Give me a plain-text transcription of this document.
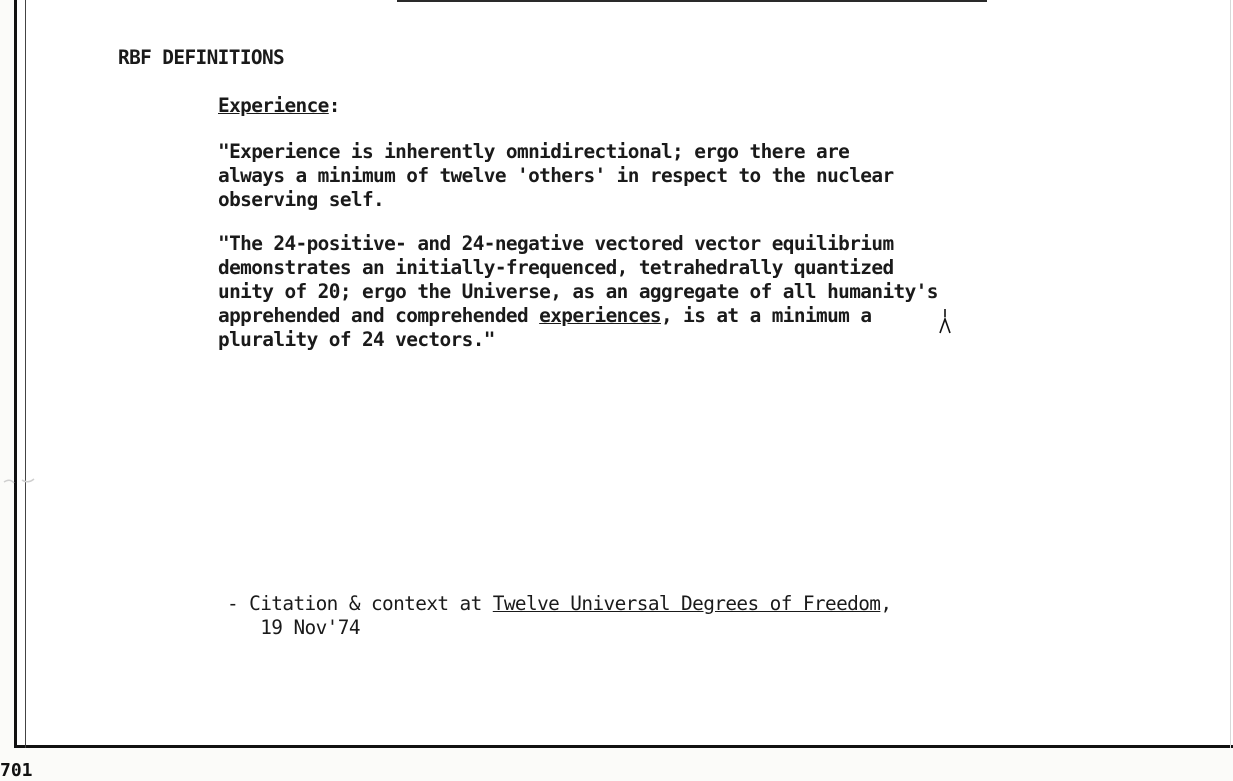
RBF DEFINITIONS
Experience:
"Experience is inherently omnidirectional; ergo there are
always a minimum of twelve 'others' in respect to the nuclear
observing self.
"The 24-positive- and 24-negative vectored vector equilibrium
demonstrates an initially-frequenced, tetrahedrally quantized
unity of 20; ergo the Universe, as an aggregate of all humanity's
apprehended and comprehended experiences, is at a minimum a
plurality of 24 vectors."
- Citation & context at Twelve Universal Degrees of Freedom,
19 Nov'74
701
